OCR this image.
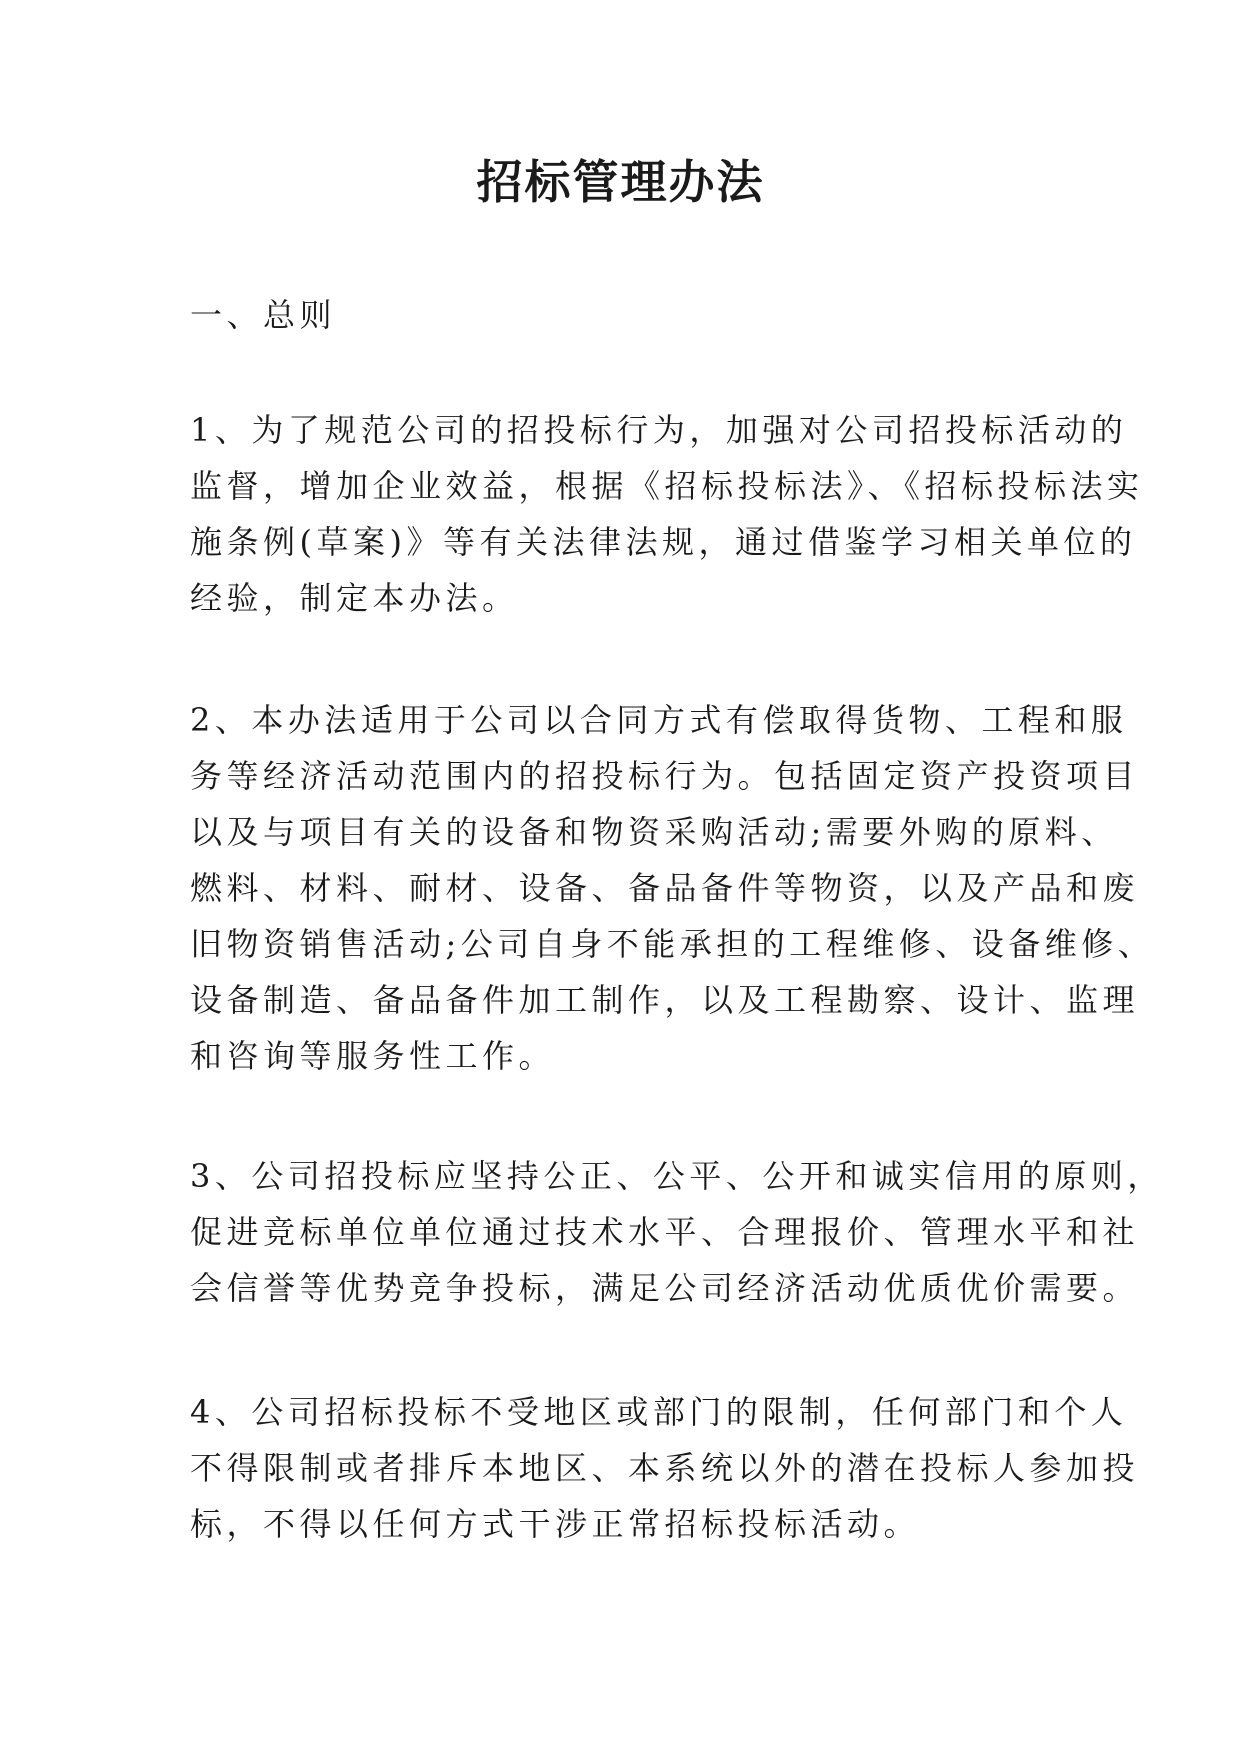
招标管理办法
一、总则
1、为了规范公司的招投标行为，加强对公司招投标活动的
监督，增加企业效益，根据《招标投标法》、《招标投标法实
施条例(草案)》等有关法律法规，通过借鉴学习相关单位的
经验，制定本办法。
2、本办法适用于公司以合同方式有偿取得货物、工程和服
务等经济活动范围内的招投标行为。包括固定资产投资项目
以及与项目有关的设备和物资采购活动;需要外购的原料、
燃料、材料、耐材、设备、备品备件等物资，以及产品和废
旧物资销售活动;公司自身不能承担的工程维修、设备维修、
设备制造、备品备件加工制作，以及工程勘察、设计、监理
和咨询等服务性工作。
3、公司招投标应坚持公正、公平、公开和诚实信用的原则，
促进竞标单位单位通过技术水平、合理报价、管理水平和社
会信誉等优势竞争投标，满足公司经济活动优质优价需要。
4、公司招标投标不受地区或部门的限制，任何部门和个人
不得限制或者排斥本地区、本系统以外的潜在投标人参加投
标，不得以任何方式干涉正常招标投标活动。
